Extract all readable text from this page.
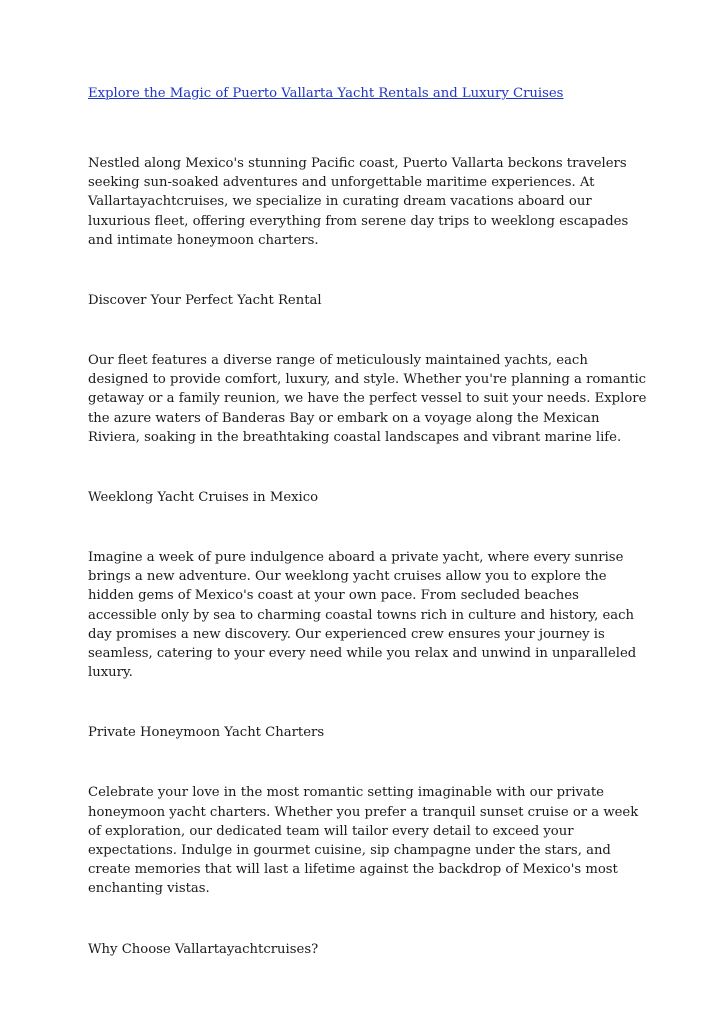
Explore the Magic of Puerto Vallarta Yacht Rentals and Luxury Cruises

Nestled along Mexico's stunning Pacific coast, Puerto Vallarta beckons travelers seeking sun-soaked adventures and unforgettable maritime experiences. At Vallartayachtcruises, we specialize in curating dream vacations aboard our luxurious fleet, offering everything from serene day trips to weeklong escapades and intimate honeymoon charters.

Discover Your Perfect Yacht Rental

Our fleet features a diverse range of meticulously maintained yachts, each designed to provide comfort, luxury, and style. Whether you're planning a romantic getaway or a family reunion, we have the perfect vessel to suit your needs. Explore the azure waters of Banderas Bay or embark on a voyage along the Mexican Riviera, soaking in the breathtaking coastal landscapes and vibrant marine life.

Weeklong Yacht Cruises in Mexico

Imagine a week of pure indulgence aboard a private yacht, where every sunrise brings a new adventure. Our weeklong yacht cruises allow you to explore the hidden gems of Mexico's coast at your own pace. From secluded beaches accessible only by sea to charming coastal towns rich in culture and history, each day promises a new discovery. Our experienced crew ensures your journey is seamless, catering to your every need while you relax and unwind in unparalleled luxury.

Private Honeymoon Yacht Charters

Celebrate your love in the most romantic setting imaginable with our private honeymoon yacht charters. Whether you prefer a tranquil sunset cruise or a week of exploration, our dedicated team will tailor every detail to exceed your expectations. Indulge in gourmet cuisine, sip champagne under the stars, and create memories that will last a lifetime against the backdrop of Mexico's most enchanting vistas.

Why Choose Vallartayachtcruises?
